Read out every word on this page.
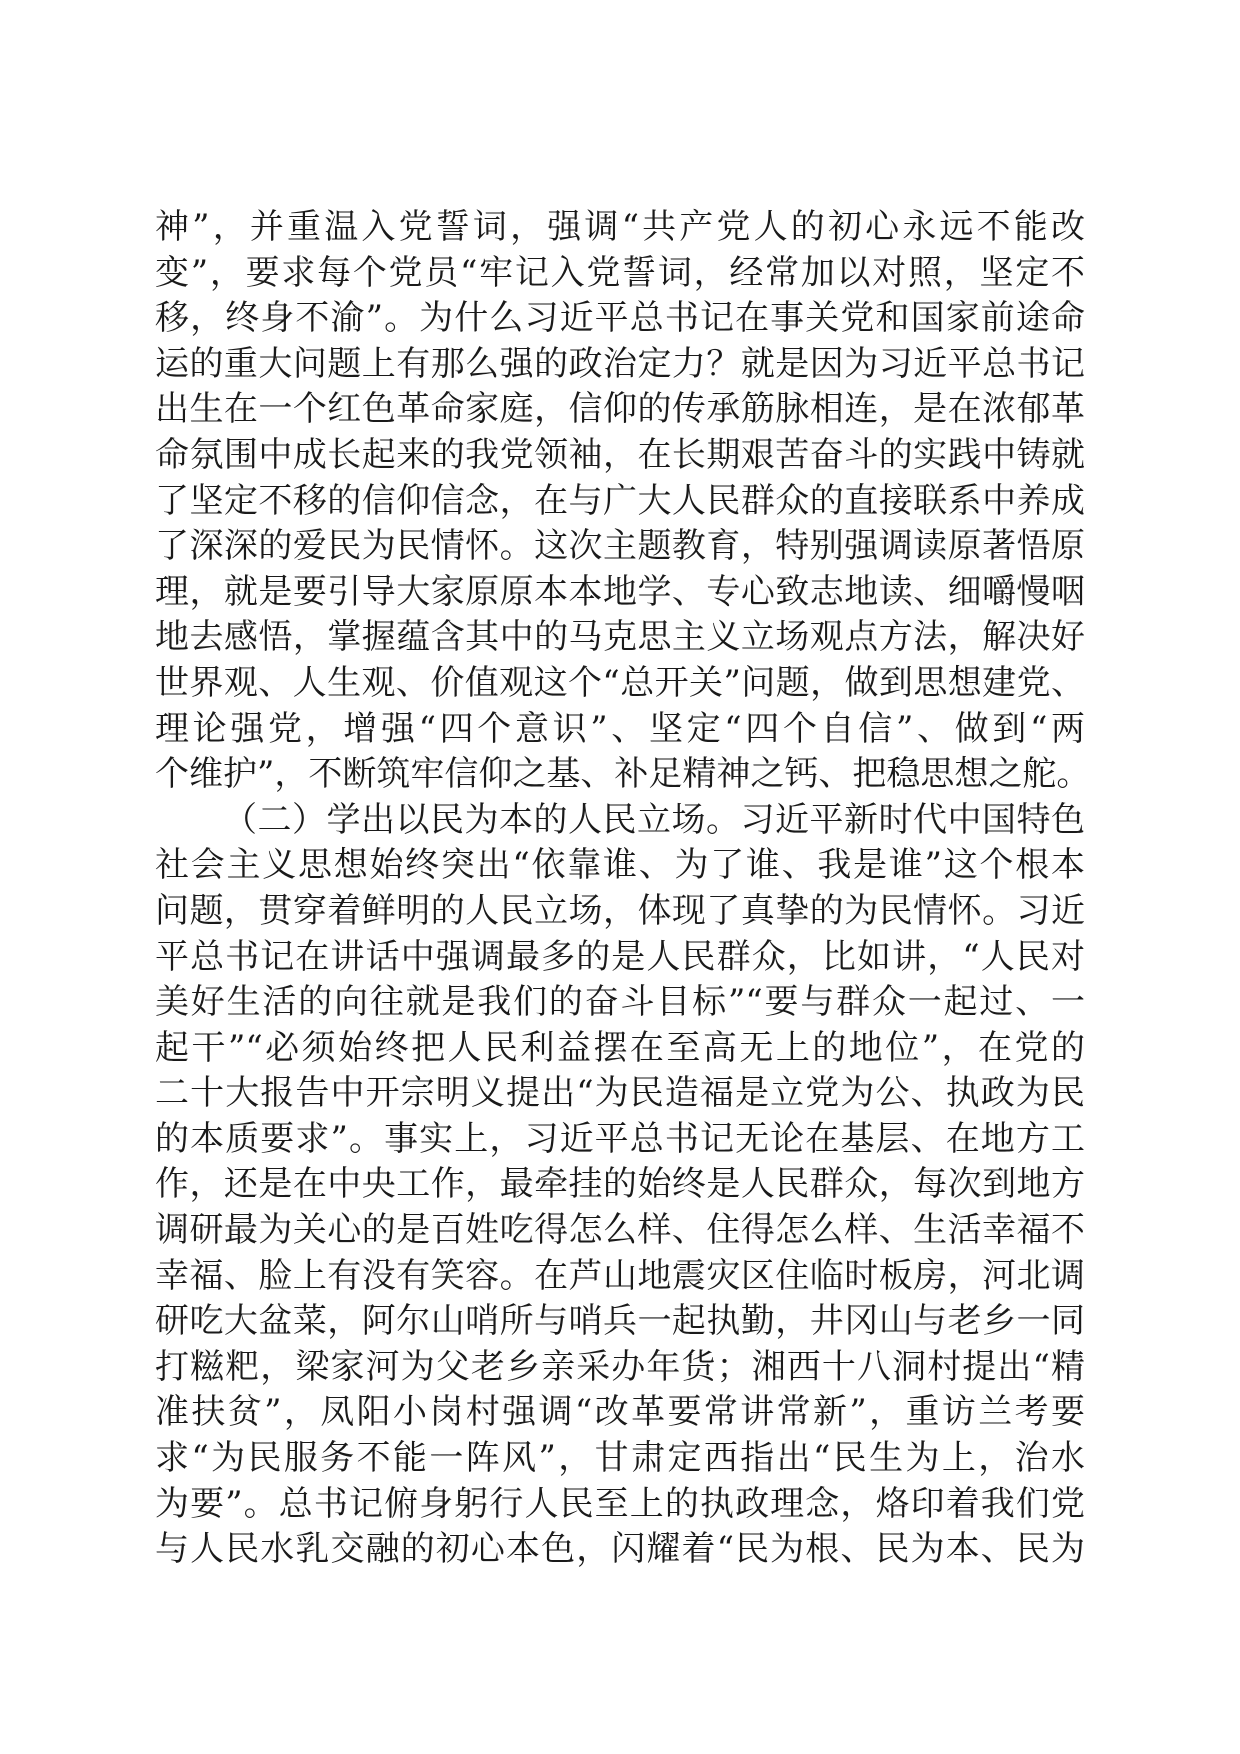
神”，并重温入党誓词，强调“共产党人的初心永远不能改
变”，要求每个党员“牢记入党誓词，经常加以对照，坚定不
移，终身不渝”。为什么习近平总书记在事关党和国家前途命
运的重大问题上有那么强的政治定力？就是因为习近平总书记
出生在一个红色革命家庭，信仰的传承筋脉相连，是在浓郁革
命氛围中成长起来的我党领袖，在长期艰苦奋斗的实践中铸就
了坚定不移的信仰信念，在与广大人民群众的直接联系中养成
了深深的爱民为民情怀。这次主题教育，特别强调读原著悟原
理，就是要引导大家原原本本地学、专心致志地读、细嚼慢咽
地去感悟，掌握蕴含其中的马克思主义立场观点方法，解决好
世界观、人生观、价值观这个“总开关”问题，做到思想建党、
理论强党，增强“四个意识”、坚定“四个自信”、做到“两
个维护”，不断筑牢信仰之基、补足精神之钙、把稳思想之舵。
（二）学出以民为本的人民立场。习近平新时代中国特色
社会主义思想始终突出“依靠谁、为了谁、我是谁”这个根本
问题，贯穿着鲜明的人民立场，体现了真挚的为民情怀。习近
平总书记在讲话中强调最多的是人民群众，比如讲，“人民对
美好生活的向往就是我们的奋斗目标”“要与群众一起过、一
起干”“必须始终把人民利益摆在至高无上的地位”，在党的
二十大报告中开宗明义提出“为民造福是立党为公、执政为民
的本质要求”。事实上，习近平总书记无论在基层、在地方工
作，还是在中央工作，最牵挂的始终是人民群众，每次到地方
调研最为关心的是百姓吃得怎么样、住得怎么样、生活幸福不
幸福、脸上有没有笑容。在芦山地震灾区住临时板房，河北调
研吃大盆菜，阿尔山哨所与哨兵一起执勤，井冈山与老乡一同
打糍粑，梁家河为父老乡亲采办年货；湘西十八洞村提出“精
准扶贫”，凤阳小岗村强调“改革要常讲常新”，重访兰考要
求“为民服务不能一阵风”，甘肃定西指出“民生为上，治水
为要”。总书记俯身躬行人民至上的执政理念，烙印着我们党
与人民水乳交融的初心本色，闪耀着“民为根、民为本、民为
